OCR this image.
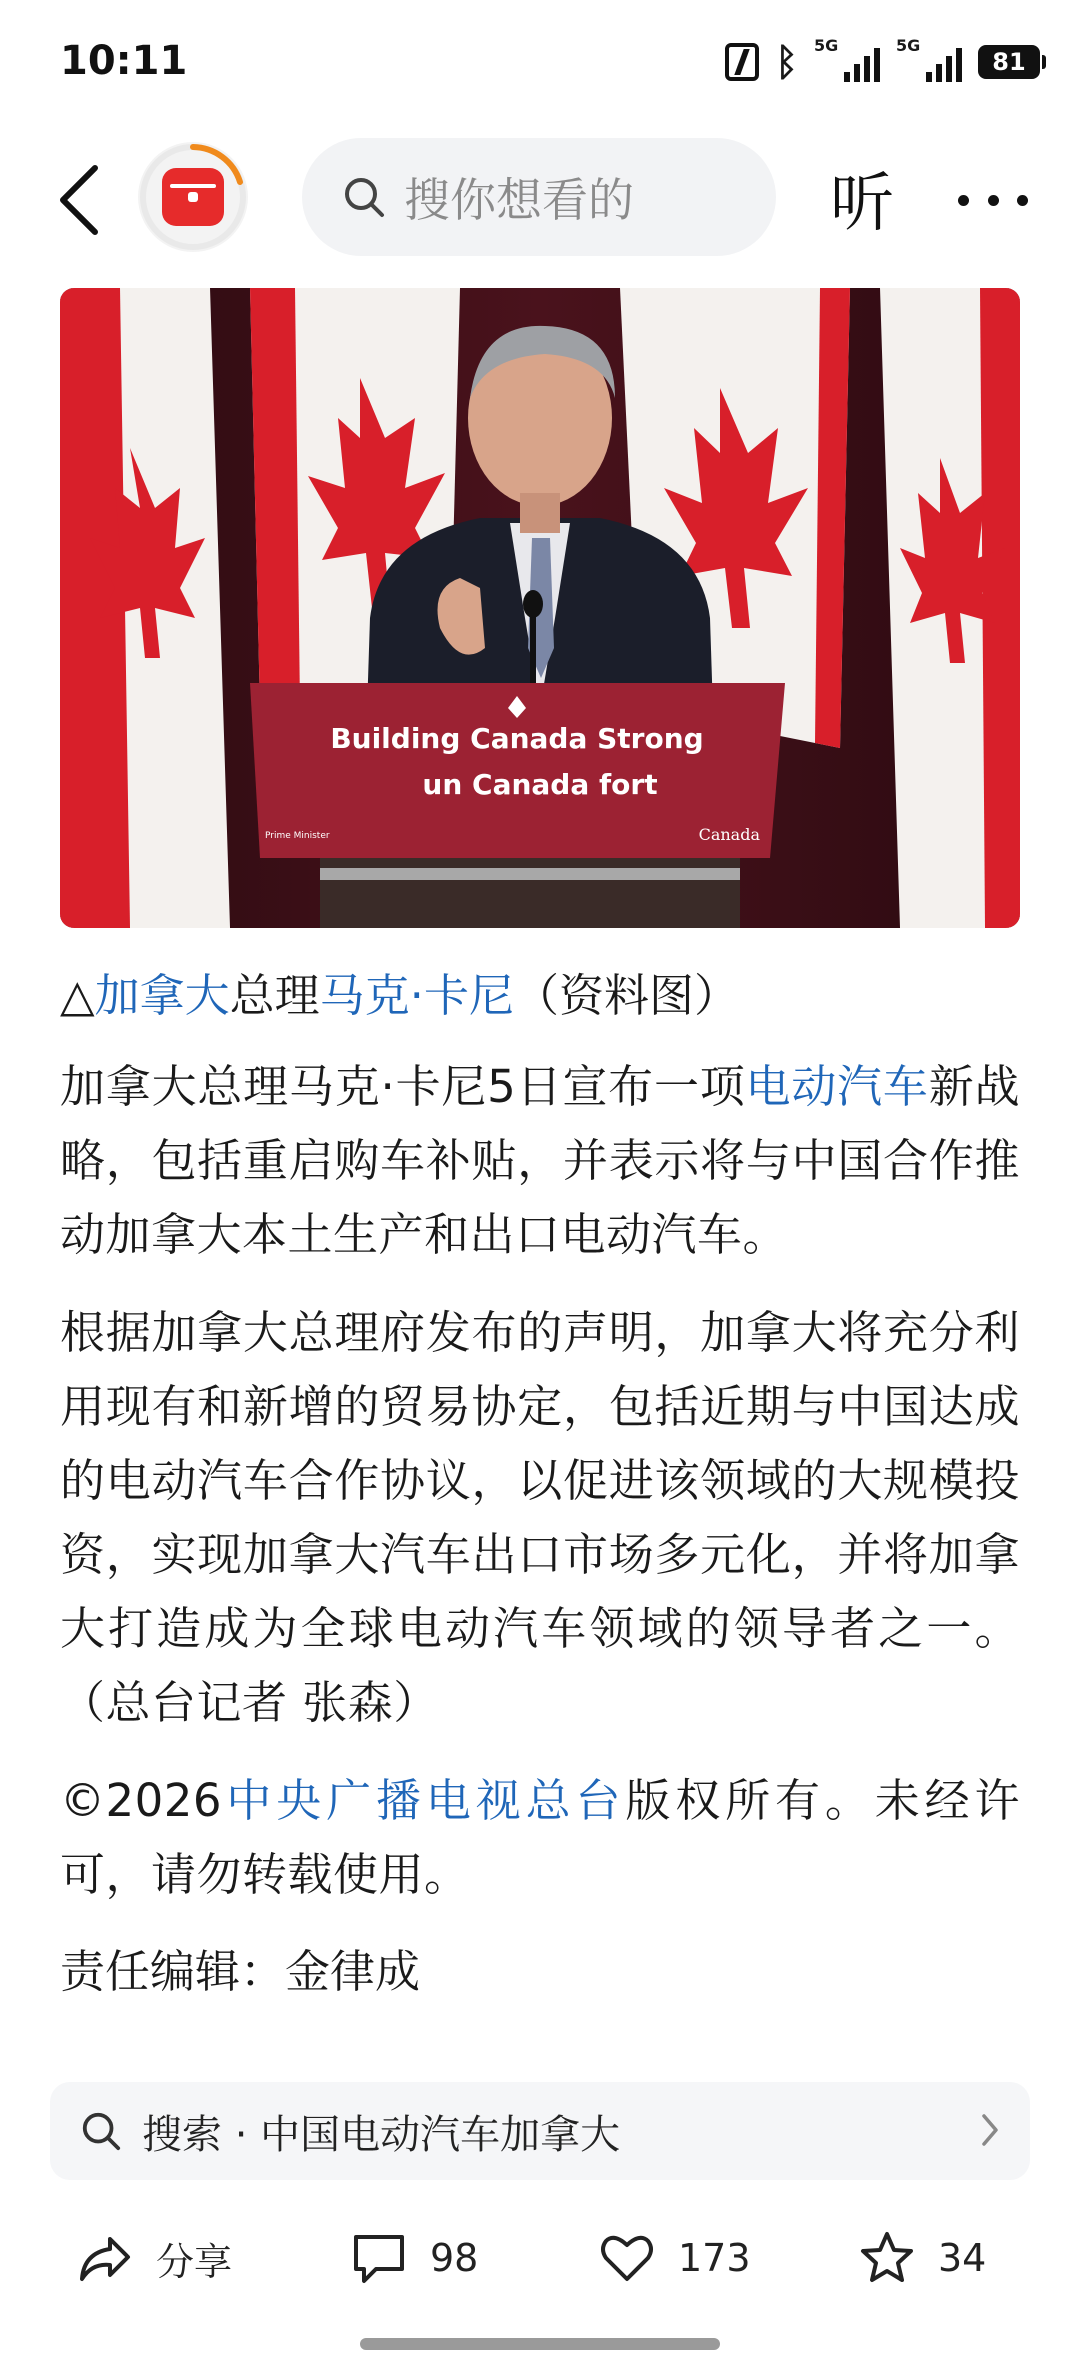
10:11	ᛒ 5G	5G
81
搜你想看的	听
Building Canada Strong
un Canada fort
Prime Minister	Canada

△加拿大总理马克·卡尼（资料图）

加拿大总理马克·卡尼5日宣布一项电动汽车新战略，包括重启购车补贴，并表示将与中国合作推动加拿大本土生产和出口电动汽车。

根据加拿大总理府发布的声明，加拿大将充分利用现有和新增的贸易协定，包括近期与中国达成的电动汽车合作协议，以促进该领域的大规模投资，实现加拿大汽车出口市场多元化，并将加拿大打造成为全球电动汽车领域的领导者之一。（总台记者 张森）

©2026中央广播电视总台版权所有。未经许可，请勿转载使用。

责任编辑：金律成
搜索 · 中国电动汽车加拿大
分享	98	173	34
